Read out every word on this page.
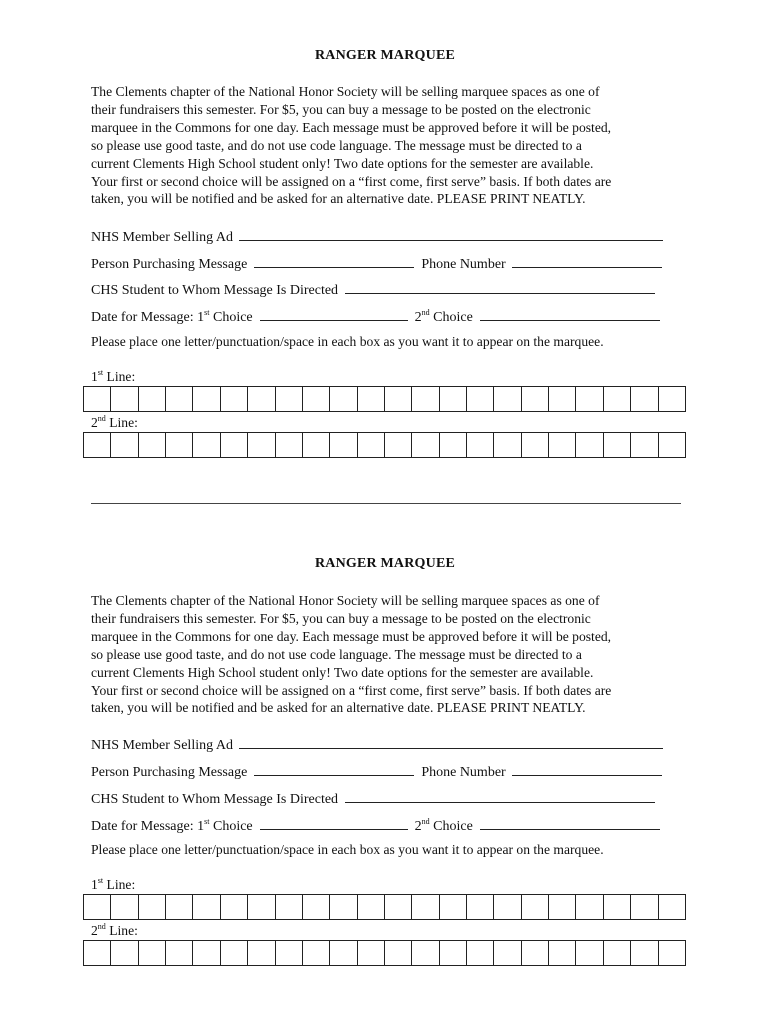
RANGER MARQUEE
The Clements chapter of the National Honor Society will be selling marquee spaces as one of
their fundraisers this semester. For $5, you can buy a message to be posted on the electronic
marquee in the Commons for one day. Each message must be approved before it will be posted,
so please use good taste, and do not use code language. The message must be directed to a
current Clements High School student only! Two date options for the semester are available.
Your first or second choice will be assigned on a “first come, first serve” basis. If both dates are
taken, you will be notified and be asked for an alternative date. PLEASE PRINT NEATLY.
NHS Member Selling Ad
Person Purchasing Message	Phone Number
CHS Student to Whom Message Is Directed
Date for Message: 1st Choice	2nd Choice
Please place one letter/punctuation/space in each box as you want it to appear on the marquee.
1st Line:
2nd Line:
RANGER MARQUEE
The Clements chapter of the National Honor Society will be selling marquee spaces as one of
their fundraisers this semester. For $5, you can buy a message to be posted on the electronic
marquee in the Commons for one day. Each message must be approved before it will be posted,
so please use good taste, and do not use code language. The message must be directed to a
current Clements High School student only! Two date options for the semester are available.
Your first or second choice will be assigned on a “first come, first serve” basis. If both dates are
taken, you will be notified and be asked for an alternative date. PLEASE PRINT NEATLY.
NHS Member Selling Ad
Person Purchasing Message	Phone Number
CHS Student to Whom Message Is Directed
Date for Message: 1st Choice	2nd Choice
Please place one letter/punctuation/space in each box as you want it to appear on the marquee.
1st Line:
2nd Line:
